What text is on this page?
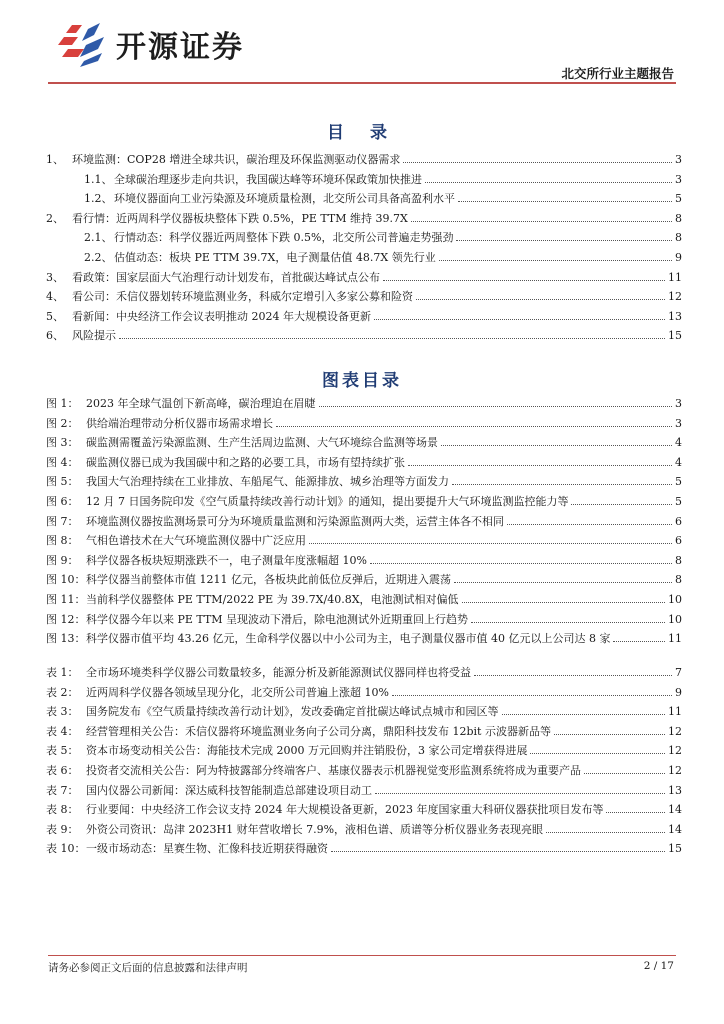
开源证券
北交所行业主题报告
目 录
1、 环境监测：COP28 增进全球共识，碳治理及环保监测驱动仪器需求	3
1.1、 全球碳治理逐步走向共识，我国碳达峰等环境环保政策加快推进	3
1.2、 环境仪器面向工业污染源及环境质量检测，北交所公司具备高盈利水平	5
2、 看行情：近两周科学仪器板块整体下跌 0.5%，PE TTM 维持 39.7X	8
2.1、 行情动态：科学仪器近两周整体下跌 0.5%，北交所公司普遍走势强劲	8
2.2、 估值动态：板块 PE TTM 39.7X，电子测量估值 48.7X 领先行业	9
3、 看政策：国家层面大气治理行动计划发布，首批碳达峰试点公布	11
4、 看公司：禾信仪器划转环境监测业务，科威尔定增引入多家公募和险资	12
5、 看新闻：中央经济工作会议表明推动 2024 年大规模设备更新	13
6、 风险提示	15
图表目录
图 1： 2023 年全球气温创下新高峰，碳治理迫在眉睫	3
图 2： 供给端治理带动分析仪器市场需求增长	3
图 3： 碳监测需覆盖污染源监测、生产生活周边监测、大气环境综合监测等场景	4
图 4： 碳监测仪器已成为我国碳中和之路的必要工具，市场有望持续扩张	4
图 5： 我国大气治理持续在工业排放、车船尾气、能源排放、城乡治理等方面发力	5
图 6： 12 月 7 日国务院印发《空气质量持续改善行动计划》的通知，提出要提升大气环境监测监控能力等	5
图 7： 环境监测仪器按监测场景可分为环境质量监测和污染源监测两大类，运营主体各不相同	6
图 8： 气相色谱技术在大气环境监测仪器中广泛应用	6
图 9： 科学仪器各板块短期涨跌不一，电子测量年度涨幅超 10%	8
图 10： 科学仪器当前整体市值 1211 亿元，各板块此前低位反弹后，近期进入震荡	8
图 11： 当前科学仪器整体 PE TTM/2022 PE 为 39.7X/40.8X，电池测试相对偏低	10
图 12： 科学仪器今年以来 PE TTM 呈现波动下滑后，除电池测试外近期重回上行趋势	10
图 13： 科学仪器市值平均 43.26 亿元，生命科学仪器以中小公司为主，电子测量仪器市值 40 亿元以上公司达 8 家	11
表 1： 全市场环境类科学仪器公司数量较多，能源分析及新能源测试仪器同样也将受益	7
表 2： 近两周科学仪器各领域呈现分化，北交所公司普遍上涨超 10%	9
表 3： 国务院发布《空气质量持续改善行动计划》，发改委确定首批碳达峰试点城市和园区等	11
表 4： 经营管理相关公告：禾信仪器将环境监测业务向子公司分离，鼎阳科技发布 12bit 示波器新品等	12
表 5： 资本市场变动相关公告：海能技术完成 2000 万元回购并注销股份，3 家公司定增获得进展	12
表 6： 投资者交流相关公告：阿为特披露部分终端客户、基康仪器表示机器视觉变形监测系统将成为重要产品	12
表 7： 国内仪器公司新闻：深达威科技智能制造总部建设项目动工	13
表 8： 行业要闻：中央经济工作会议支持 2024 年大规模设备更新，2023 年度国家重大科研仪器获批项目发布等	14
表 9： 外资公司资讯：岛津 2023H1 财年营收增长 7.9%，液相色谱、质谱等分析仪器业务表现亮眼	14
表 10： 一级市场动态：星赛生物、汇像科技近期获得融资	15
请务必参阅正文后面的信息披露和法律声明	2 / 17
